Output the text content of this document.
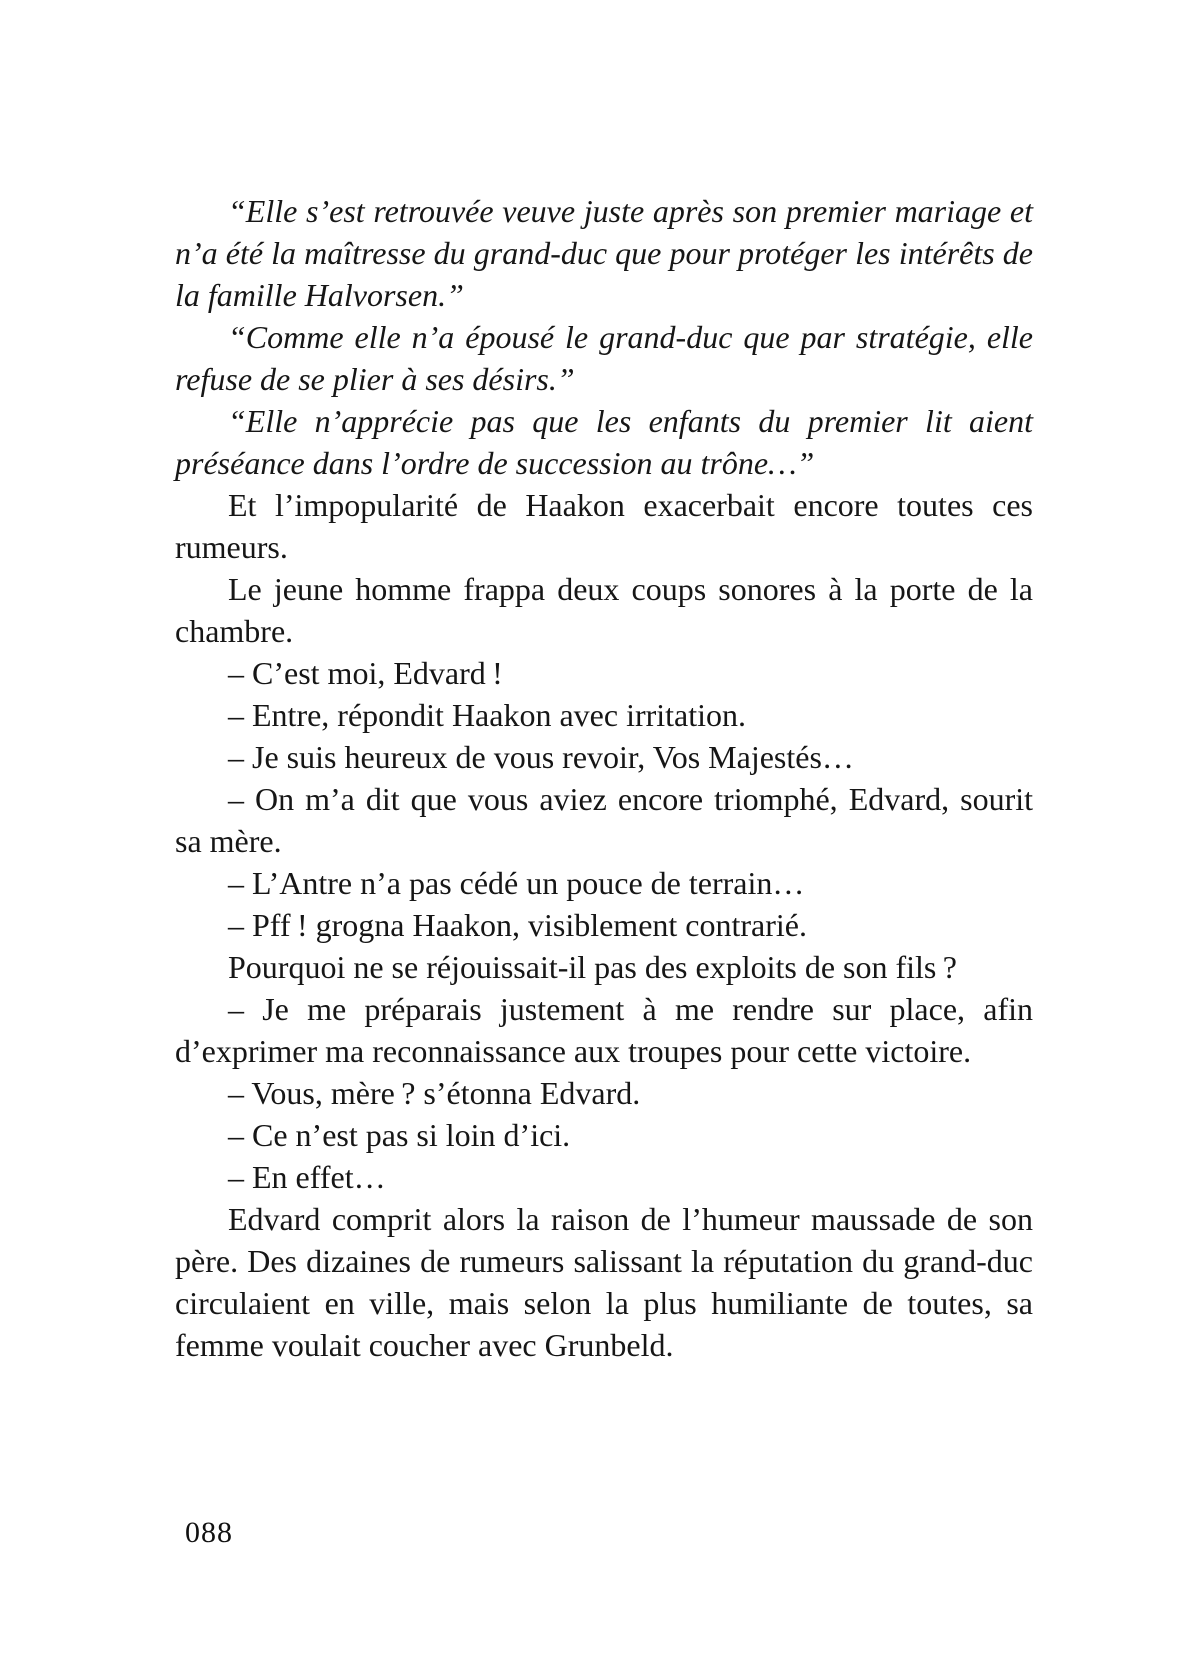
“Elle s’est retrouvée veuve juste après son premier mariage et n’a été la maîtresse du grand-duc que pour protéger les intérêts de la famille Halvorsen.”

“Comme elle n’a épousé le grand-duc que par stratégie, elle refuse de se plier à ses désirs.”

“Elle n’apprécie pas que les enfants du premier lit aient préséance dans l’ordre de succession au trône…”

Et l’impopularité de Haakon exacerbait encore toutes ces rumeurs.

Le jeune homme frappa deux coups sonores à la porte de la chambre.

– C’est moi, Edvard !

– Entre, répondit Haakon avec irritation.

– Je suis heureux de vous revoir, Vos Majestés…

– On m’a dit que vous aviez encore triomphé, Edvard, sourit sa mère.

– L’Antre n’a pas cédé un pouce de terrain…

– Pff ! grogna Haakon, visiblement contrarié.

Pourquoi ne se réjouissait-il pas des exploits de son fils ?

– Je me préparais justement à me rendre sur place, afin d’exprimer ma reconnaissance aux troupes pour cette victoire.

– Vous, mère ? s’étonna Edvard.

– Ce n’est pas si loin d’ici.

– En effet…

Edvard comprit alors la raison de l’humeur maussade de son père. Des dizaines de rumeurs salissant la réputation du grand-duc circulaient en ville, mais selon la plus humiliante de toutes, sa femme voulait coucher avec Grunbeld.

088
